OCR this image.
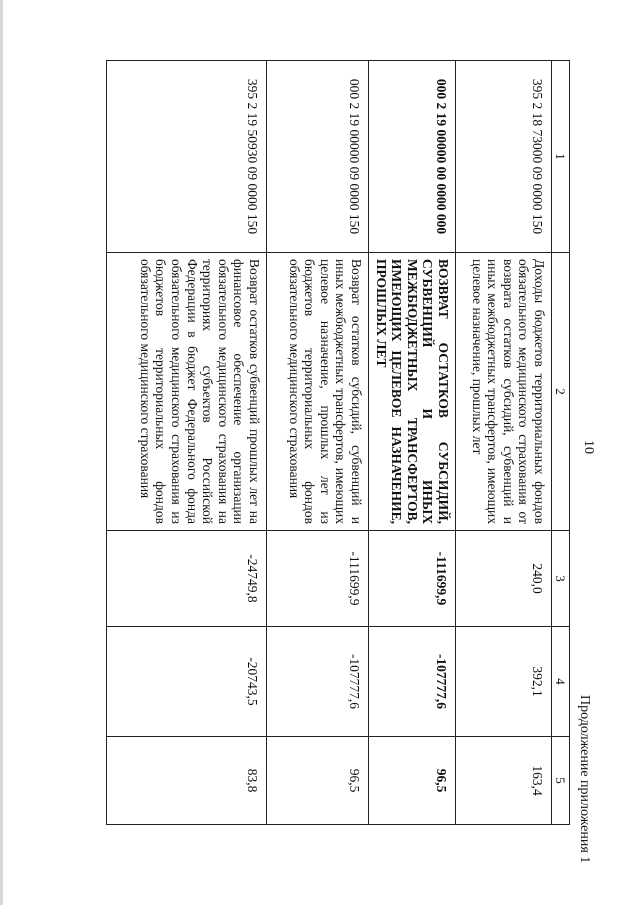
10
Продолжение приложения 1
1	2	3	4	5
395 2 18 73000 09 0000 150	Доходы бюджетов территориальных фондов обязательного медицинского страхования от возврата остатков субсидий, субвенций и иных межбюджетных трансфертов, имеющих целевое назначение, прошлых лет	240,0	392,1	163,4
000 2 19 00000 00 0000 000	ВОЗВРАТ ОСТАТКОВ СУБСИДИЙ, СУБВЕНЦИЙ И ИНЫХ МЕЖБЮДЖЕТНЫХ ТРАНСФЕРТОВ, ИМЕЮЩИХ ЦЕЛЕВОЕ НАЗНАЧЕНИЕ, ПРОШЛЫХ ЛЕТ	-111699,9	-107777,6	96,5
000 2 19 00000 09 0000 150	Возврат остатков субсидий, субвенций и иных межбюджетных трансфертов, имеющих целевое назначение, прошлых лет из бюджетов территориальных фондов обязательного медицинского страхования	-111699,9	-107777,6	96,5
395 2 19 50930 09 0000 150	Возврат остатков субвенций прошлых лет на финансовое обеспечение организации обязательного медицинского страхования на территориях субъектов Российской Федерации в бюджет Федерального фонда обязательного медицинского страхования из бюджетов территориальных фондов обязательного медицинского страхования	-24749,8	-20743,5	83,8
